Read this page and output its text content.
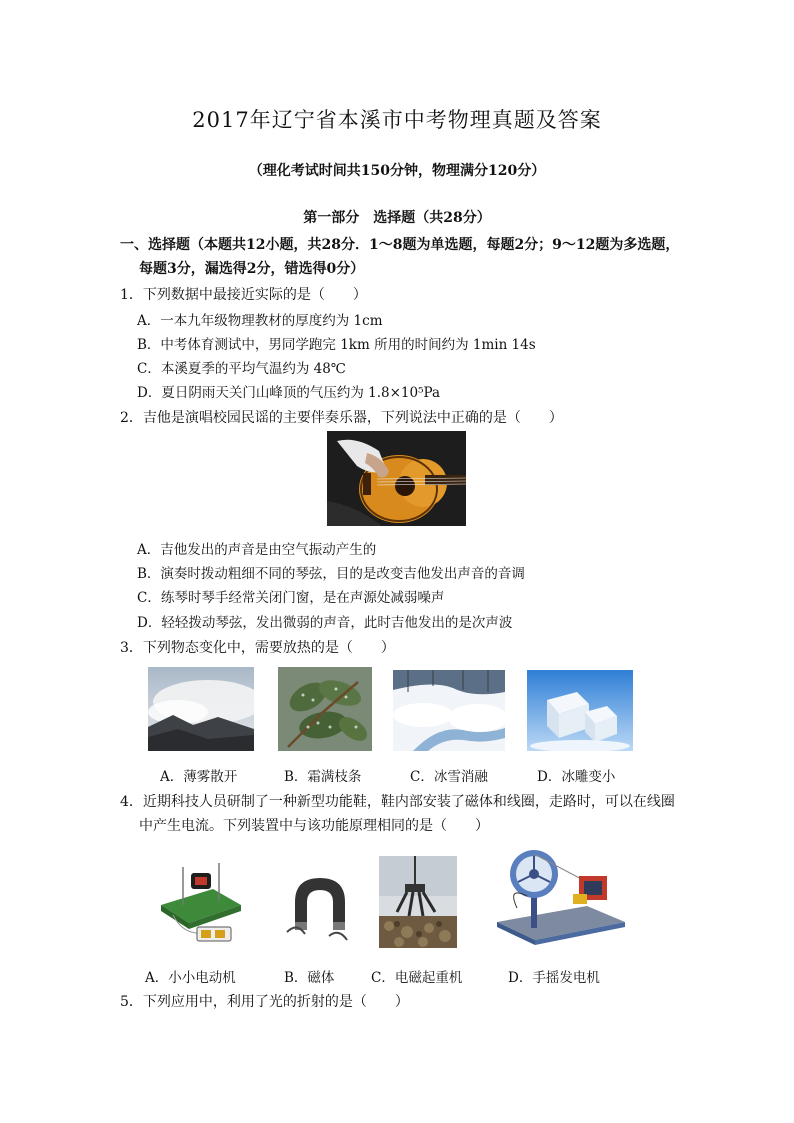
2017年辽宁省本溪市中考物理真题及答案
（理化考试时间共150分钟，物理满分120分）
第一部分　选择题（共28分）
一、选择题（本题共12小题，共28分．1～8题为单选题，每题2分；9～12题为多选题，
每题3分，漏选得2分，错选得0分）
1．下列数据中最接近实际的是（　　）
A．一本九年级物理教材的厚度约为 1cm
B．中考体育测试中，男同学跑完 1km 所用的时间约为 1min 14s
C．本溪夏季的平均气温约为 48℃
D．夏日阴雨天关门山峰顶的气压约为 1.8×10⁵Pa
2．吉他是演唱校园民谣的主要伴奏乐器，下列说法中正确的是（　　）
A．吉他发出的声音是由空气振动产生的
B．演奏时拨动粗细不同的琴弦，目的是改变吉他发出声音的音调
C．练琴时琴手经常关闭门窗，是在声源处减弱噪声
D．轻轻拨动琴弦，发出微弱的声音，此时吉他发出的是次声波
3．下列物态变化中，需要放热的是（　　）
A．薄雾散开	B．霜满枝条	C．冰雪消融	D．冰雕变小
4．近期科技人员研制了一种新型功能鞋，鞋内部安装了磁体和线圈，走路时，可以在线圈
中产生电流。下列装置中与该功能原理相同的是（　　）
A．小小电动机	B．磁体	C．电磁起重机	D．手摇发电机
5．下列应用中，利用了光的折射的是（　　）
